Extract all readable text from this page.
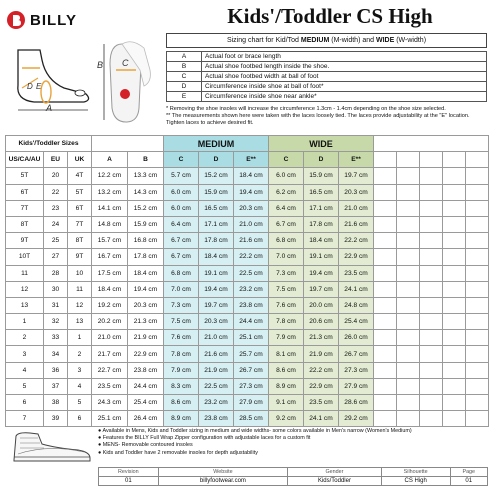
BILLY	Kids'/Toddler CS High
A
D E
B C
Sizing chart for Kid/Tod
MEDIUM
(M-width) and
WIDE
(W-width)
A	Actual foot or brace length
B	Actual shoe footbed length inside the shoe.
C	Actual shoe footbed width at ball of foot
D	Circumference inside shoe at ball of foot*
E	Circumference inside shoe near ankle*
* Removing the shoe insoles will increase the circumference 1.3cm - 1.4cm depending on the shoe size selected.
** The measurements shown here were taken with the laces loosely tied. The laces provide adjustability at the "E" location. Tighten laces to achieve desired fit.
Kids'/Toddler Sizes					MEDIUM			WIDE							
US/CA/AU	EU	UK	A	B	C	D	E**	C	D	E**					
5T	20	4T	12.2 cm	13.3 cm	5.7 cm	15.2 cm	18.4 cm	6.0 cm	15.9 cm	19.7 cm					
6T	22	5T	13.2 cm	14.3 cm	6.0 cm	15.9 cm	19.4 cm	6.2 cm	16.5 cm	20.3 cm					
7T	23	6T	14.1 cm	15.2 cm	6.0 cm	16.5 cm	20.3 cm	6.4 cm	17.1 cm	21.0 cm					
8T	24	7T	14.8 cm	15.9 cm	6.4 cm	17.1 cm	21.0 cm	6.7 cm	17.8 cm	21.6 cm					
9T	25	8T	15.7 cm	16.8 cm	6.7 cm	17.8 cm	21.6 cm	6.8 cm	18.4 cm	22.2 cm					
10T	27	9T	16.7 cm	17.8 cm	6.7 cm	18.4 cm	22.2 cm	7.0 cm	19.1 cm	22.9 cm					
11	28	10	17.5 cm	18.4 cm	6.8 cm	19.1 cm	22.5 cm	7.3 cm	19.4 cm	23.5 cm					
12	30	11	18.4 cm	19.4 cm	7.0 cm	19.4 cm	23.2 cm	7.5 cm	19.7 cm	24.1 cm					
13	31	12	19.2 cm	20.3 cm	7.3 cm	19.7 cm	23.8 cm	7.6 cm	20.0 cm	24.8 cm					
1	32	13	20.2 cm	21.3 cm	7.5 cm	20.3 cm	24.4 cm	7.8 cm	20.6 cm	25.4 cm					
2	33	1	21.0 cm	21.9 cm	7.6 cm	21.0 cm	25.1 cm	7.9 cm	21.3 cm	26.0 cm					
3	34	2	21.7 cm	22.9 cm	7.8 cm	21.6 cm	25.7 cm	8.1 cm	21.9 cm	26.7 cm					
4	36	3	22.7 cm	23.8 cm	7.9 cm	21.9 cm	26.7 cm	8.6 cm	22.2 cm	27.3 cm					
5	37	4	23.5 cm	24.4 cm	8.3 cm	22.5 cm	27.3 cm	8.9 cm	22.9 cm	27.9 cm					
6	38	5	24.3 cm	25.4 cm	8.6 cm	23.2 cm	27.9 cm	9.1 cm	23.5 cm	28.6 cm					
7	39	6	25.1 cm	26.4 cm	8.9 cm	23.8 cm	28.5 cm	9.2 cm	24.1 cm	29.2 cm					
● Available in Mens, Kids and Toddler sizing in medium and wide widths- some colors available in Men's narrow (Women's Medium)
● Features the BILLY Full Wrap Zipper configuration with adjustable laces for a custom fit
● MENS- Removable contoured insoles
● Kids and Toddler have 2 removable insoles for depth adjustability
Revision	Website	Gender	Silhouette	Page
01	billyfootwear.com	Kids/Toddler	CS High	01
